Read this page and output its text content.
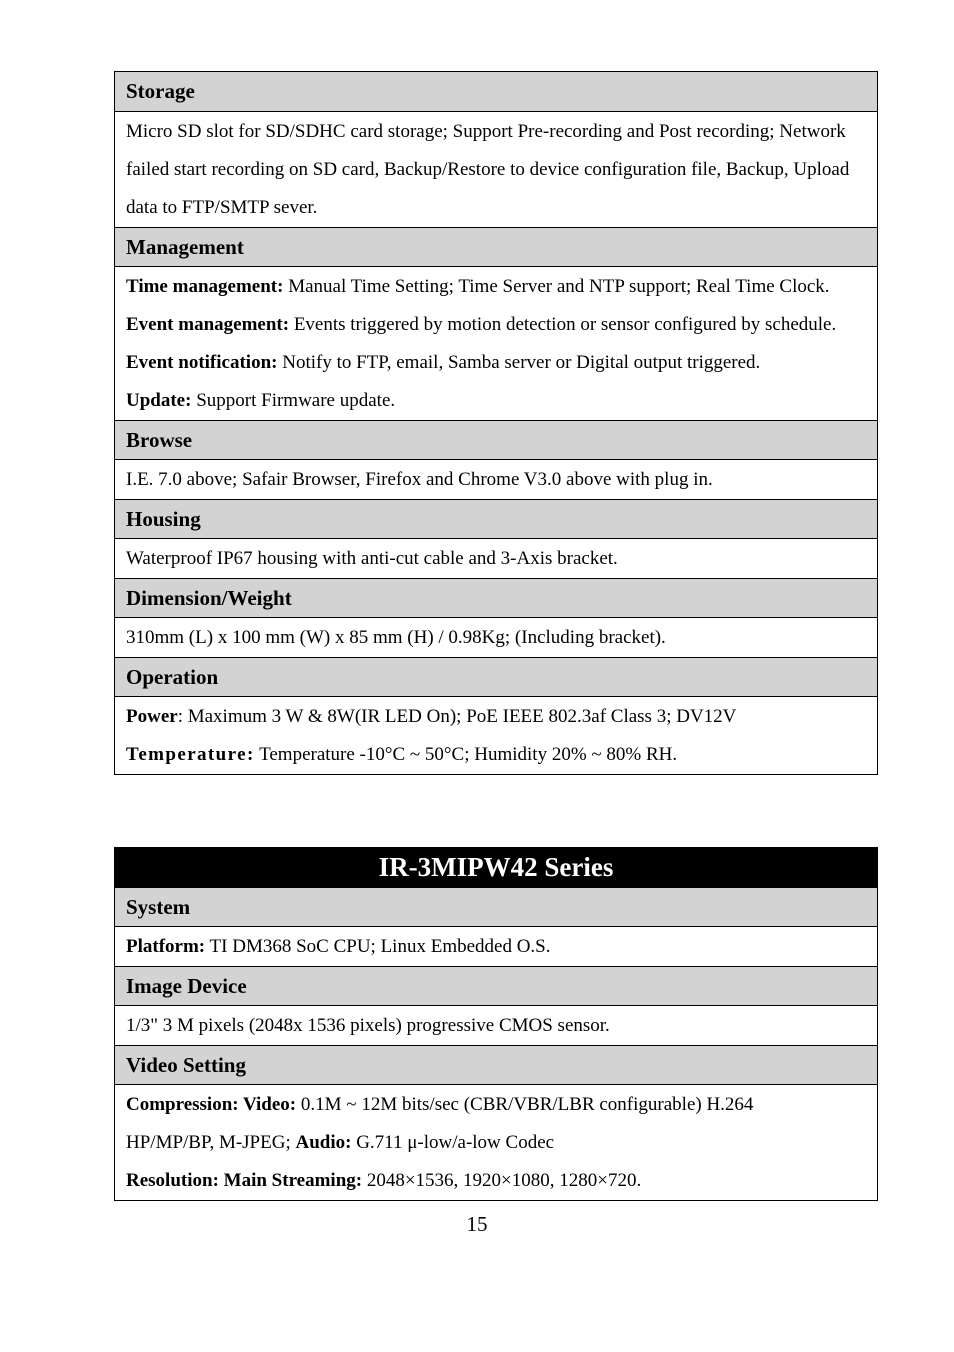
Storage
Micro SD slot for SD/SDHC card storage; Support Pre-recording and Post recording; Network
failed start recording on SD card, Backup/Restore to device configuration file, Backup, Upload
data to FTP/SMTP sever.
Management
Time management: Manual Time Setting; Time Server and NTP support; Real Time Clock.
Event management: Events triggered by motion detection or sensor configured by schedule.
Event notification: Notify to FTP, email, Samba server or Digital output triggered.
Update: Support Firmware update.
Browse
I.E. 7.0 above; Safair Browser, Firefox and Chrome V3.0 above with plug in.
Housing
Waterproof IP67 housing with anti-cut cable and 3-Axis bracket.
Dimension/Weight
310mm (L) x 100 mm (W) x 85 mm (H) / 0.98Kg; (Including bracket).
Operation
Power: Maximum 3 W & 8W(IR LED On); PoE IEEE 802.3af Class 3; DV12V
Temperature: Temperature -10°C ~ 50°C; Humidity 20% ~ 80% RH.
IR-3MIPW42 Series
System
Platform: TI DM368 SoC CPU; Linux Embedded O.S.
Image Device
1/3" 3 M pixels (2048x 1536 pixels) progressive CMOS sensor.
Video Setting
Compression: Video: 0.1M ~ 12M bits/sec (CBR/VBR/LBR configurable) H.264
HP/MP/BP, M-JPEG; Audio: G.711 μ-low/a-low Codec
Resolution: Main Streaming: 2048×1536, 1920×1080, 1280×720.
15
